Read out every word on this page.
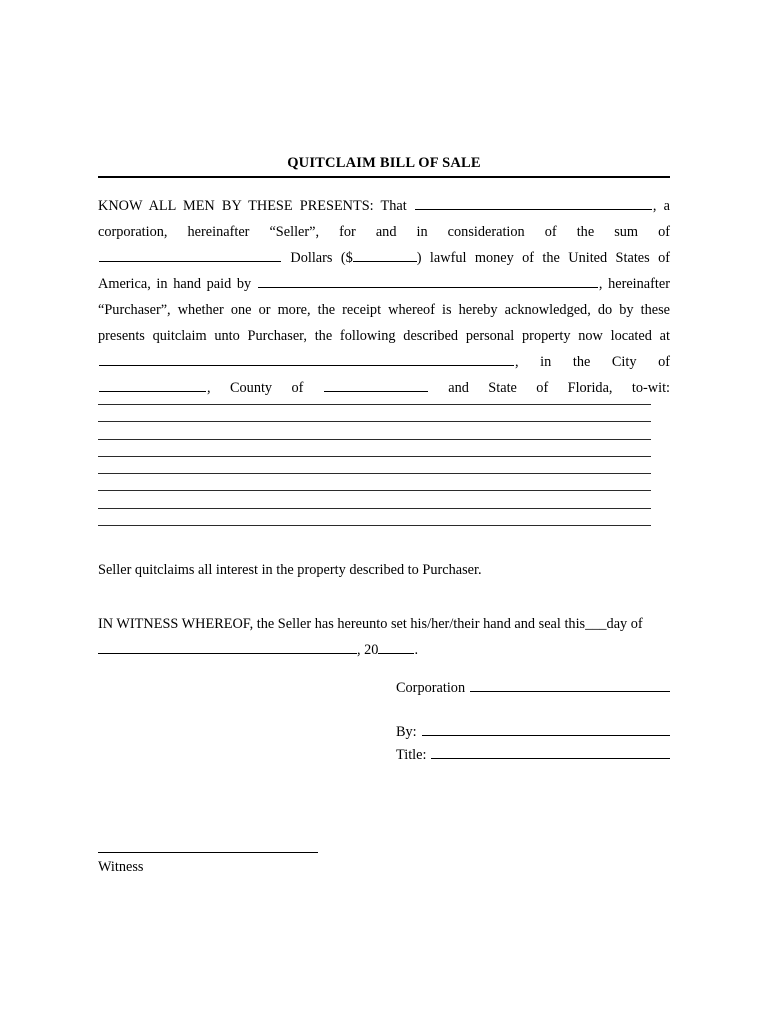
QUITCLAIM BILL OF SALE

KNOW ALL MEN BY THESE PRESENTS: That	, a corporation, hereinafter “Seller”, for and in consideration of the sum of  Dollars ($	) lawful money of the United States of America, in hand paid by	, hereinafter “Purchaser”, whether one or more, the receipt whereof is hereby acknowledged, do by these presents quitclaim unto Purchaser, the following described personal property now located at , in the City of , County of	and State of Florida, to-wit:

Seller quitclaims all interest in the property described to Purchaser.
IN WITNESS WHEREOF, the Seller has hereunto set his/her/their hand and seal this___day of, 20	.
Corporation
By:
Title:
Witness
